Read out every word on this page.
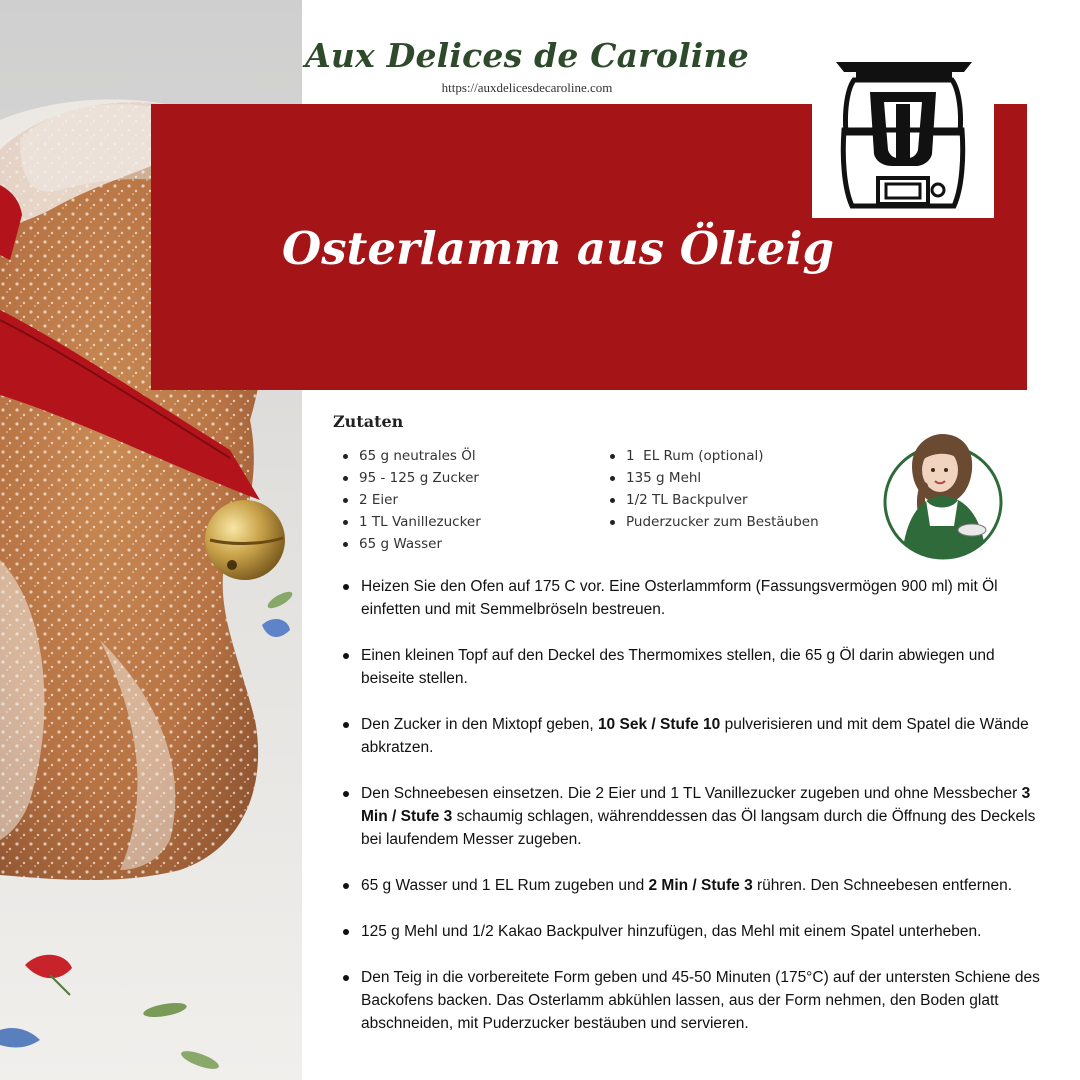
Aux Delices de Caroline
https://auxdelicesdecaroline.com
Osterlamm aus Ölteig
Zutaten
65 g neutrales Öl
95 - 125 g Zucker
2 Eier
1 TL Vanillezucker
65 g Wasser
1  EL Rum (optional)
135 g Mehl
1/2 TL Backpulver
Puderzucker zum Bestäuben
Heizen Sie den Ofen auf 175 C vor. Eine Osterlammform (Fassungsvermögen 900 ml) mit Öl einfetten und mit Semmelbröseln bestreuen.
Einen kleinen Topf auf den Deckel des Thermomixes stellen, die 65 g Öl darin abwiegen und beiseite stellen.
Den Zucker in den Mixtopf geben, 10 Sek / Stufe 10 pulverisieren und mit dem Spatel die Wände abkratzen.
Den Schneebesen einsetzen. Die 2 Eier und 1 TL Vanillezucker zugeben und ohne Messbecher 3 Min / Stufe 3 schaumig schlagen, währenddessen das Öl langsam durch die Öffnung des Deckels bei laufendem Messer zugeben.
65 g Wasser und 1 EL Rum zugeben und 2 Min / Stufe 3 rühren. Den Schneebesen entfernen.
125 g Mehl und 1/2 Kakao Backpulver hinzufügen, das Mehl mit einem Spatel unterheben.
Den Teig in die vorbereitete Form geben und 45-50 Minuten (175°C) auf der untersten Schiene des Backofens backen. Das Osterlamm abkühlen lassen, aus der Form nehmen, den Boden glatt abschneiden, mit Puderzucker bestäuben und servieren.
